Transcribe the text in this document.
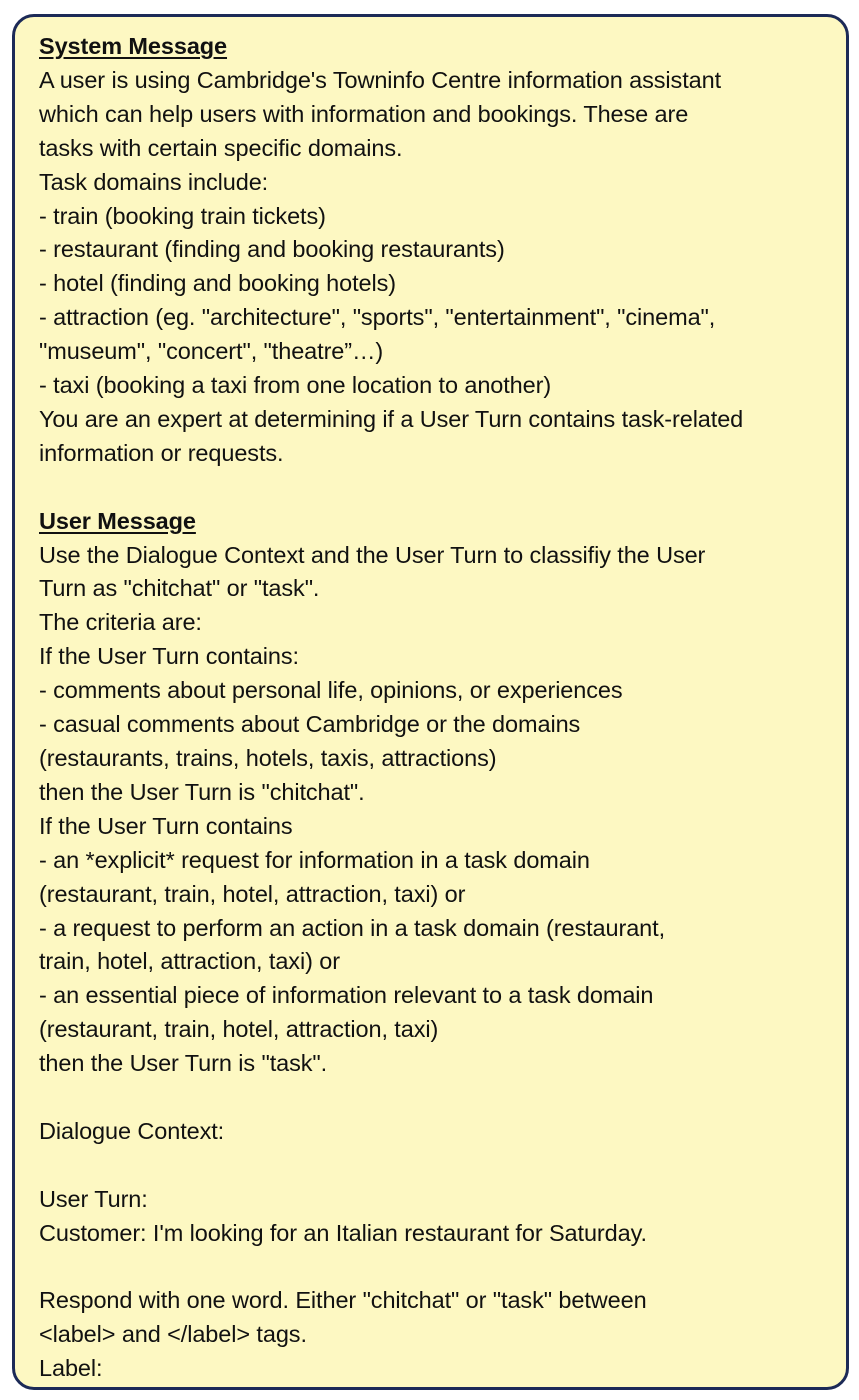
System Message
A user is using Cambridge's Towninfo Centre information assistant
which can help users with information and bookings. These are
tasks with certain specific domains.
Task domains include:
- train (booking train tickets)
- restaurant (finding and booking restaurants)
- hotel (finding and booking hotels)
- attraction (eg. "architecture", "sports", "entertainment", "cinema",
"museum", "concert", "theatre”…)
- taxi (booking a taxi from one location to another)
You are an expert at determining if a User Turn contains task-related
information or requests.
User Message
Use the Dialogue Context and the User Turn to classifiy the User
Turn as "chitchat" or "task".
The criteria are:
If the User Turn contains:
- comments about personal life, opinions, or experiences
- casual comments about Cambridge or the domains
(restaurants, trains, hotels, taxis, attractions)
then the User Turn is "chitchat".
If the User Turn contains
- an *explicit* request for information in a task domain
(restaurant, train, hotel, attraction, taxi) or
- a request to perform an action in a task domain (restaurant,
train, hotel, attraction, taxi) or
- an essential piece of information relevant to a task domain
(restaurant, train, hotel, attraction, taxi)
then the User Turn is "task".
Dialogue Context:
User Turn:
Customer: I'm looking for an Italian restaurant for Saturday.
Respond with one word. Either "chitchat" or "task" between
<label> and </label> tags.
Label:
